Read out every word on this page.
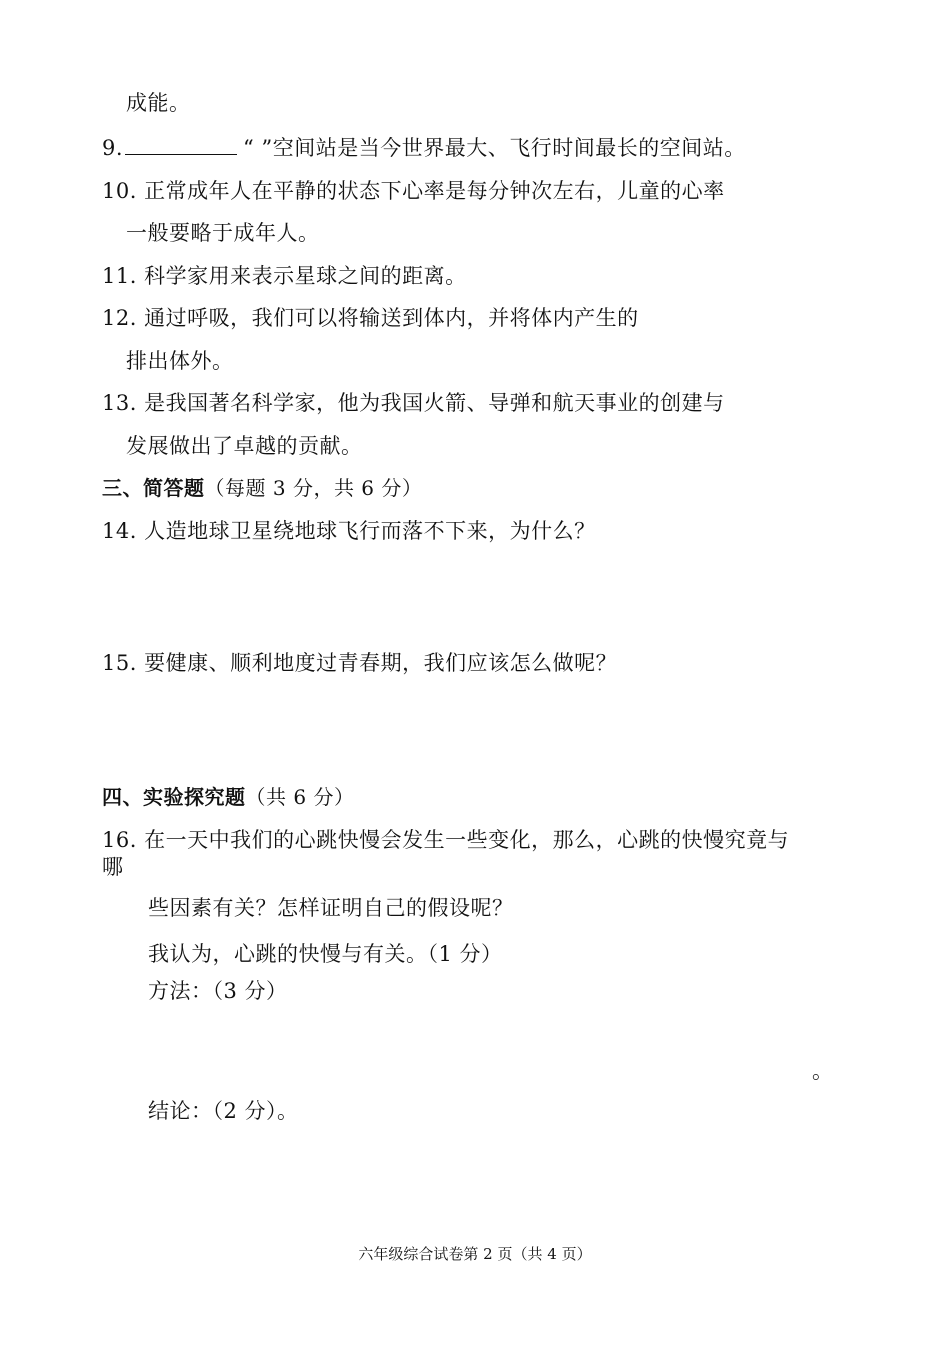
成能。
9.	“ ”空间站是当今世界最大、飞行时间最长的空间站。
10. 正常成年人在平静的状态下心率是每分钟次左右，儿童的心率
一般要略于成年人。
11. 科学家用来表示星球之间的距离。
12. 通过呼吸，我们可以将输送到体内，并将体内产生的
排出体外。
13. 是我国著名科学家，他为我国火箭、导弹和航天事业的创建与
发展做出了卓越的贡献。
三、简答题（每题 3 分，共 6 分）
14. 人造地球卫星绕地球飞行而落不下来，为什么？
15. 要健康、顺利地度过青春期，我们应该怎么做呢？
四、实验探究题（共 6 分）
16. 在一天中我们的心跳快慢会发生一些变化，那么，心跳的快慢究竟与
哪
些因素有关？怎样证明自己的假设呢？
我认为，心跳的快慢与有关。（1 分）
方法：（3 分）
。
结论：（2 分）。
六年级综合试卷第 2 页（共 4 页）
